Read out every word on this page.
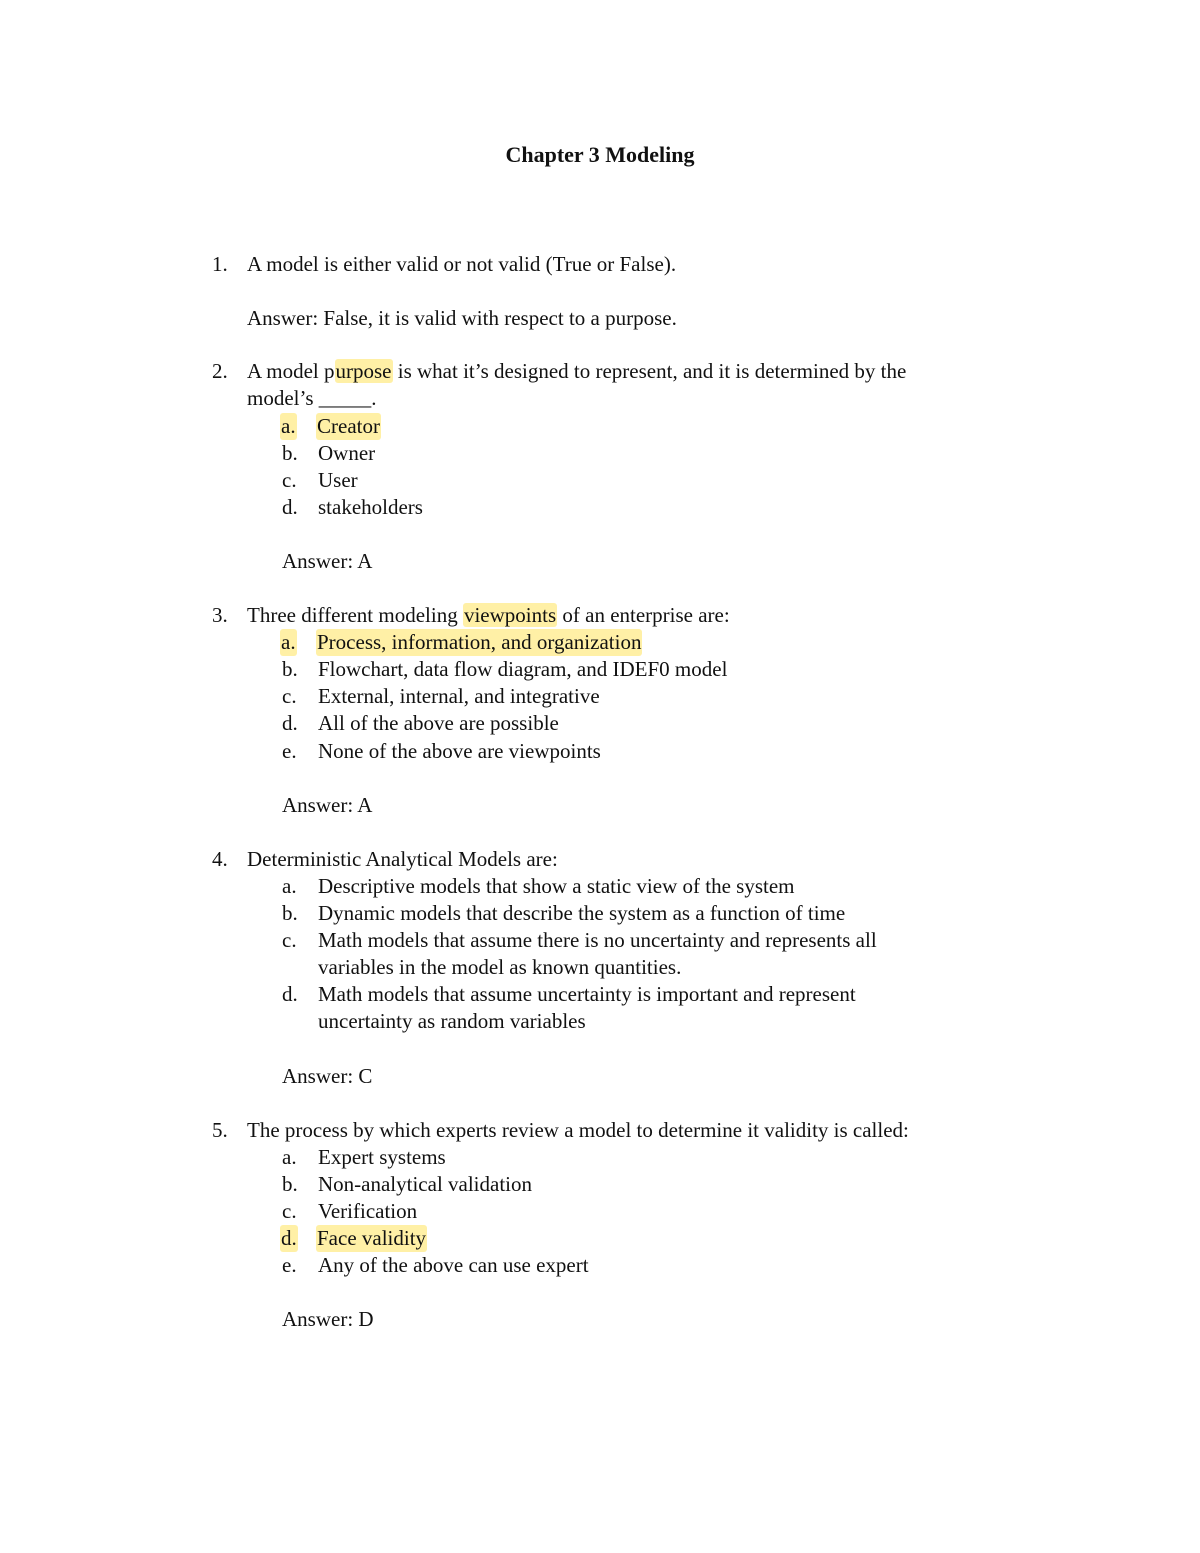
Chapter 3 Modeling
1. A model is either valid or not valid (True or False).
Answer: False, it is valid with respect to a purpose.
2. A model purpose is what it’s designed to represent, and it is determined by the
model’s _____.
a. Creator
b. Owner
c. User
d. stakeholders
Answer: A
3. Three different modeling viewpoints of an enterprise are:
a. Process, information, and organization
b. Flowchart, data flow diagram, and IDEF0 model
c. External, internal, and integrative
d. All of the above are possible
e. None of the above are viewpoints
Answer: A
4. Deterministic Analytical Models are:
a. Descriptive models that show a static view of the system
b. Dynamic models that describe the system as a function of time
c. Math models that assume there is no uncertainty and represents all
variables in the model as known quantities.
d. Math models that assume uncertainty is important and represent
uncertainty as random variables
Answer: C
5. The process by which experts review a model to determine it validity is called:
a. Expert systems
b. Non-analytical validation
c. Verification
d. Face validity
e. Any of the above can use expert
Answer: D
